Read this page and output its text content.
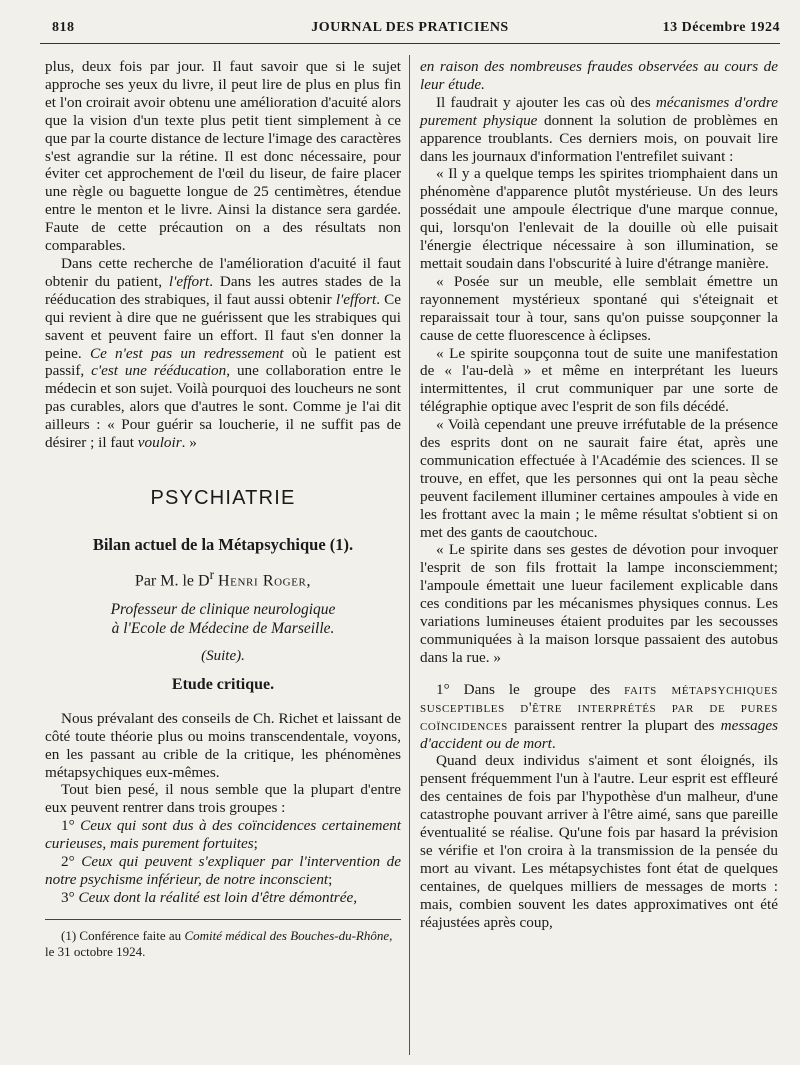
818	JOURNAL DES PRATICIENS	13 Décembre 1924

plus, deux fois par jour. Il faut savoir que si le sujet approche ses yeux du livre, il peut lire de plus en plus fin et l'on croirait avoir obtenu une amélioration d'acuité alors que la vision d'un texte plus petit tient simplement à ce que par la courte distance de lecture l'image des caractères s'est agrandie sur la rétine. Il est donc nécessaire, pour éviter cet approchement de l'œil du liseur, de faire placer une règle ou baguette longue de 25 centimètres, étendue entre le menton et le livre. Ainsi la distance sera gardée. Faute de cette précaution on a des résultats non comparables.

Dans cette recherche de l'amélioration d'acuité il faut obtenir du patient, l'effort. Dans les autres stades de la rééducation des strabiques, il faut aussi obtenir l'effort. Ce qui revient à dire que ne guérissent que les strabiques qui savent et peuvent faire un effort. Il faut s'en donner la peine. Ce n'est pas un redressement où le patient est passif, c'est une rééducation, une collaboration entre le médecin et son sujet. Voilà pourquoi des loucheurs ne sont pas curables, alors que d'autres le sont. Comme je l'ai dit ailleurs : « Pour guérir sa loucherie, il ne suffit pas de désirer ; il faut vouloir. »

PSYCHIATRIE
Bilan actuel de la Métapsychique (1).
Par M. le $D^r$ Henri Roger,
Professeur de clinique neurologique
à l'Ecole de Médecine de Marseille.
(Suite).
Etude critique.

Nous prévalant des conseils de Ch. Richet et laissant de côté toute théorie plus ou moins transcendentale, voyons, en les passant au crible de la critique, les phénomènes métapsychiques eux-mêmes.

Tout bien pesé, il nous semble que la plupart d'entre eux peuvent rentrer dans trois groupes :

1° Ceux qui sont dus à des coïncidences certainement curieuses, mais purement fortuites;

2° Ceux qui peuvent s'expliquer par l'intervention de notre psychisme inférieur, de notre inconscient;

3° Ceux dont la réalité est loin d'être démontrée,

(1) Conférence faite au Comité médical des Bouches-du-Rhône, le 31 octobre 1924.

en raison des nombreuses fraudes observées au cours de leur étude.

Il faudrait y ajouter les cas où des mécanismes d'ordre purement physique donnent la solution de problèmes en apparence troublants. Ces derniers mois, on pouvait lire dans les journaux d'information l'entrefilet suivant :

« Il y a quelque temps les spirites triomphaient dans un phénomène d'apparence plutôt mystérieuse. Un des leurs possédait une ampoule électrique d'une marque connue, qui, lorsqu'on l'enlevait de la douille où elle puisait l'énergie électrique nécessaire à son illumination, se mettait soudain dans l'obscurité à luire d'étrange manière.

« Posée sur un meuble, elle semblait émettre un rayonnement mystérieux spontané qui s'éteignait et reparaissait tour à tour, sans qu'on puisse soupçonner la cause de cette fluorescence à éclipses.

« Le spirite soupçonna tout de suite une manifestation de « l'au-delà » et même en interprétant les lueurs intermittentes, il crut communiquer par une sorte de télégraphie optique avec l'esprit de son fils décédé.

« Voilà cependant une preuve irréfutable de la présence des esprits dont on ne saurait faire état, après une communication effectuée à l'Académie des sciences. Il se trouve, en effet, que les personnes qui ont la peau sèche peuvent facilement illuminer certaines ampoules à vide en les frottant avec la main ; le même résultat s'obtient si on met des gants de caoutchouc.

« Le spirite dans ses gestes de dévotion pour invoquer l'esprit de son fils frottait la lampe inconsciemment; l'ampoule émettait une lueur facilement explicable dans ces conditions par les mécanismes physiques connus. Les variations lumineuses étaient produites par les secousses communiquées à la maison lorsque passaient des autobus dans la rue. »

1° Dans le groupe des faits métapsychiques susceptibles d'être interprétés par de pures coïncidences paraissent rentrer la plupart des messages d'accident ou de mort.

Quand deux individus s'aiment et sont éloignés, ils pensent fréquemment l'un à l'autre. Leur esprit est effleuré des centaines de fois par l'hypothèse d'un malheur, d'une catastrophe pouvant arriver à l'être aimé, sans que pareille éventualité se réalise. Qu'une fois par hasard la prévision se vérifie et l'on croira à la transmission de la pensée du mort au vivant. Les métapsychistes font état de quelques centaines, de quelques milliers de messages de morts : mais, combien souvent les dates approximatives ont été réajustées après coup,
